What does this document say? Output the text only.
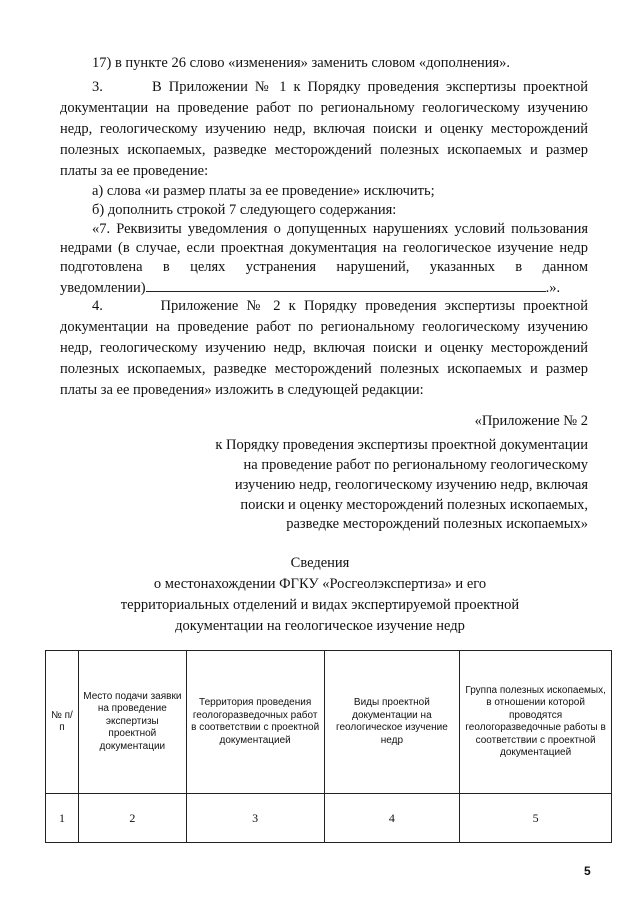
17) в пункте 26 слово «изменения» заменить словом «дополнения».
3.       В Приложении № 1 к Порядку проведения экспертизы проектной
документации на проведение работ по региональному геологическому изучению
недр, геологическому изучению недр, включая поиски и оценку месторождений
полезных ископаемых, разведке месторождений полезных ископаемых и размер
платы за ее проведение:
а) слова «и размер платы за ее проведение» исключить;
б) дополнить строкой 7 следующего содержания:
«7. Реквизиты уведомления о допущенных нарушениях условий пользования
недрами (в случае, если проектная документация на геологическое изучение недр
подготовлена в целях устранения нарушений, указанных в данном
уведомлении)	.».
4.       Приложение № 2 к Порядку проведения экспертизы проектной
документации на проведение работ по региональному геологическому изучению
недр, геологическому изучению недр, включая поиски и оценку месторождений
полезных ископаемых, разведке месторождений полезных ископаемых и размер
платы за ее проведения» изложить в следующей редакции:
«Приложение № 2
к Порядку проведения экспертизы проектной документации
на проведение работ по региональному геологическому
изучению недр, геологическому изучению недр, включая
поиски и оценку месторождений полезных ископаемых,
разведке месторождений полезных ископаемых»
Сведения
о местонахождении ФГКУ «Росгеолэкспертиза» и его
территориальных отделений и видах экспертируемой проектной
документации на геологическое изучение недр
№ п/п	Место подачи заявки на проведение экспертизы проектной документации	Территория проведения геологоразведочных работ в соответствии с проектной документацией	Виды проектной документации на геологическое изучение недр	Группа полезных ископаемых, в отношении которой проводятся геологоразведочные работы в соответствии с проектной документацией
1	2	3	4	5
5
